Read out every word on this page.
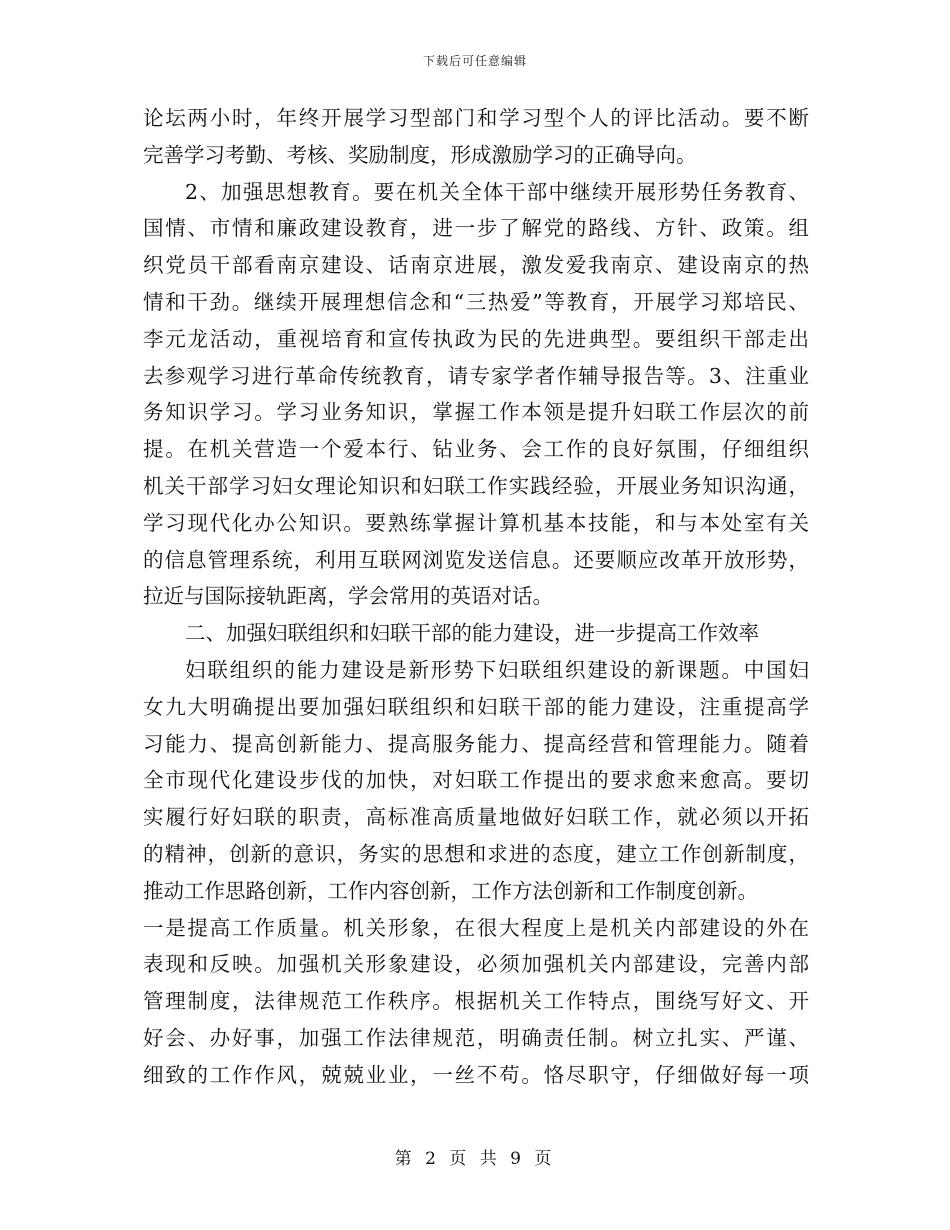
下载后可任意编辑
论坛两小时，年终开展学习型部门和学习型个人的评比活动。要不断
完善学习考勤、考核、奖励制度，形成激励学习的正确导向。
2、加强思想教育。要在机关全体干部中继续开展形势任务教育、
国情、市情和廉政建设教育，进一步了解党的路线、方针、政策。组
织党员干部看南京建设、话南京进展，激发爱我南京、建设南京的热
情和干劲。继续开展理想信念和“三热爱”等教育，开展学习郑培民、
李元龙活动，重视培育和宣传执政为民的先进典型。要组织干部走出
去参观学习进行革命传统教育，请专家学者作辅导报告等。3、注重业
务知识学习。学习业务知识，掌握工作本领是提升妇联工作层次的前
提。在机关营造一个爱本行、钻业务、会工作的良好氛围，仔细组织
机关干部学习妇女理论知识和妇联工作实践经验，开展业务知识沟通，
学习现代化办公知识。要熟练掌握计算机基本技能，和与本处室有关
的信息管理系统，利用互联网浏览发送信息。还要顺应改革开放形势，
拉近与国际接轨距离，学会常用的英语对话。
二、加强妇联组织和妇联干部的能力建设，进一步提高工作效率
妇联组织的能力建设是新形势下妇联组织建设的新课题。中国妇
女九大明确提出要加强妇联组织和妇联干部的能力建设，注重提高学
习能力、提高创新能力、提高服务能力、提高经营和管理能力。随着
全市现代化建设步伐的加快，对妇联工作提出的要求愈来愈高。要切
实履行好妇联的职责，高标准高质量地做好妇联工作，就必须以开拓
的精神，创新的意识，务实的思想和求进的态度，建立工作创新制度，
推动工作思路创新，工作内容创新，工作方法创新和工作制度创新。
一是提高工作质量。机关形象，在很大程度上是机关内部建设的外在
表现和反映。加强机关形象建设，必须加强机关内部建设，完善内部
管理制度，法律规范工作秩序。根据机关工作特点，围绕写好文、开
好会、办好事，加强工作法律规范，明确责任制。树立扎实、严谨、
细致的工作作风，兢兢业业，一丝不苟。恪尽职守，仔细做好每一项
第 2 页 共 9 页
